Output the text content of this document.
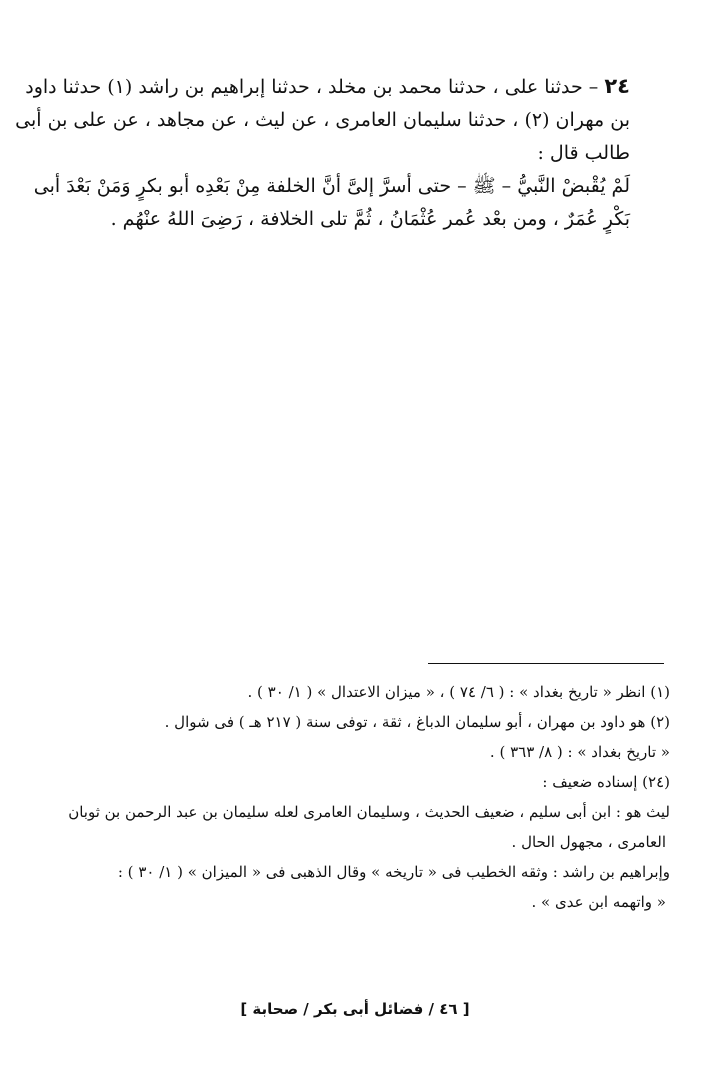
٢٤ – حدثنا على ، حدثنا محمد بن مخلد ، حدثنا إبراهيم بن راشد (١) حدثنا داود
بن مهران (٢) ، حدثنا سليمان العامرى ، عن ليث ، عن مجاهد ، عن على بن أبى
طالب قال :
لَمْ يُقْبضْ النَّبيُّ – ﷺ – حتى أسرَّ إلىَّ أنَّ الخلفة مِنْ بَعْدِه أبو بكرٍ وَمَنْ بَعْدَ أبى
بَكْرٍ عُمَرٌ ، ومن بعْد عُمر عُثْمَانُ ، ثُمَّ تلى الخلافة ، رَضِىَ اللهُ عنْهُم .
(١) انظر « تاريخ بغداد » : ( ٦/ ٧٤ ) ، « ميزان الاعتدال » ( ١/ ٣٠ ) .
(٢) هو داود بن مهران ، أبو سليمان الدباغ ، ثقة ، توفى سنة ( ٢١٧ هـ ) فى شوال .
« تاريخ بغداد » : ( ٨/ ٣٦٣ ) .
(٢٤) إسناده ضعيف :
ليث هو : ابن أبى سليم ، ضعيف الحديث ، وسليمان العامرى لعله سليمان بن عبد الرحمن بن ثوبان
العامرى ، مجهول الحال .
وإبراهيم بن راشد : وثقه الخطيب فى « تاريخه » وقال الذهبى فى « الميزان » ( ١/ ٣٠ ) :
« واتهمه ابن عدى » .
[ ٤٦ / فضائل أبى بكر / صحابة ]
